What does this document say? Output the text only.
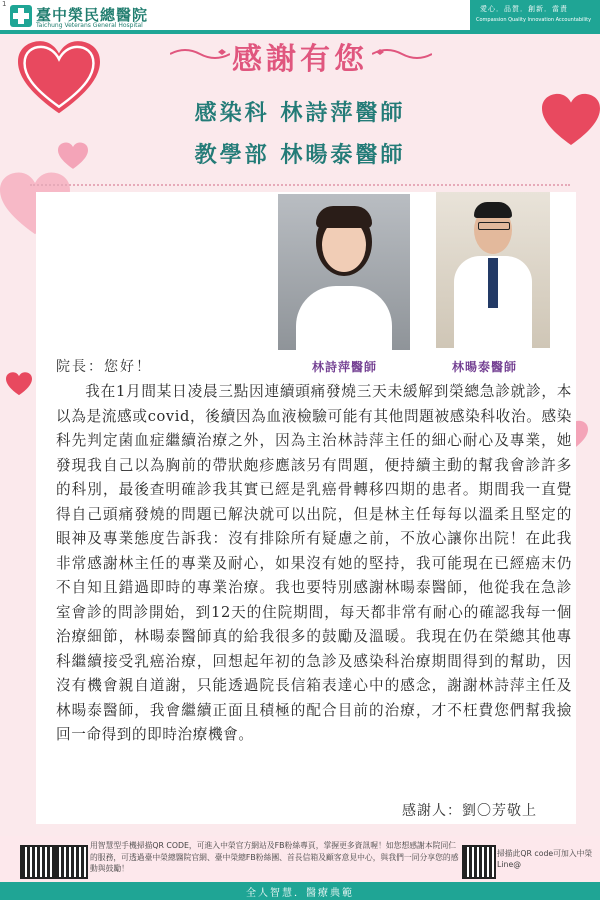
1
臺中榮民總醫院
Taichung Veterans General Hospital
愛心．品質．創新．當責
Compassion Quality Innovation Accountability
感謝有您
感染科 林詩萍醫師
教學部 林暘泰醫師
林詩萍醫師	林暘泰醫師
院長：您好！
我在1月間某日凌晨三點因連續頭痛發燒三天未緩解到榮總急診就診，本以為是流感或covid，後續因為血液檢驗可能有其他問題被感染科收治。感染科先判定菌血症繼續治療之外，因為主治林詩萍主任的細心耐心及專業，她發現我自己以為胸前的帶狀皰疹應該另有問題，便持續主動的幫我會診許多的科別，最後查明確診我其實已經是乳癌骨轉移四期的患者。期間我一直覺得自己頭痛發燒的問題已解決就可以出院，但是林主任每每以溫柔且堅定的眼神及專業態度告訴我：沒有排除所有疑慮之前，不放心讓你出院！在此我非常感謝林主任的專業及耐心，如果沒有她的堅持，我可能現在已經癌末仍不自知且錯過即時的專業治療。我也要特別感謝林暘泰醫師，他從我在急診室會診的問診開始，到12天的住院期間，每天都非常有耐心的確認我每一個治療細節，林暘泰醫師真的給我很多的鼓勵及溫暖。我現在仍在榮總其他專科繼續接受乳癌治療，回想起年初的急診及感染科治療期間得到的幫助，因沒有機會親自道謝，只能透過院長信箱表達心中的感念，謝謝林詩萍主任及林暘泰醫師，我會繼續正面且積極的配合目前的治療，才不枉費您們幫我撿回一命得到的即時治療機會。
感謝人：劉〇芳敬上
用智慧型手機掃描QR CODE，可進入中榮官方網站及FB粉絲專頁，掌握更多資訊喔！如您想感謝本院同仁的服務，可透過臺中榮總醫院官網、臺中榮總FB粉絲團、首長信箱及顧客意見中心，與我們一同分享您的感動與鼓勵！
掃描此QR code可加入中榮Line@
全人智慧．醫療典範
